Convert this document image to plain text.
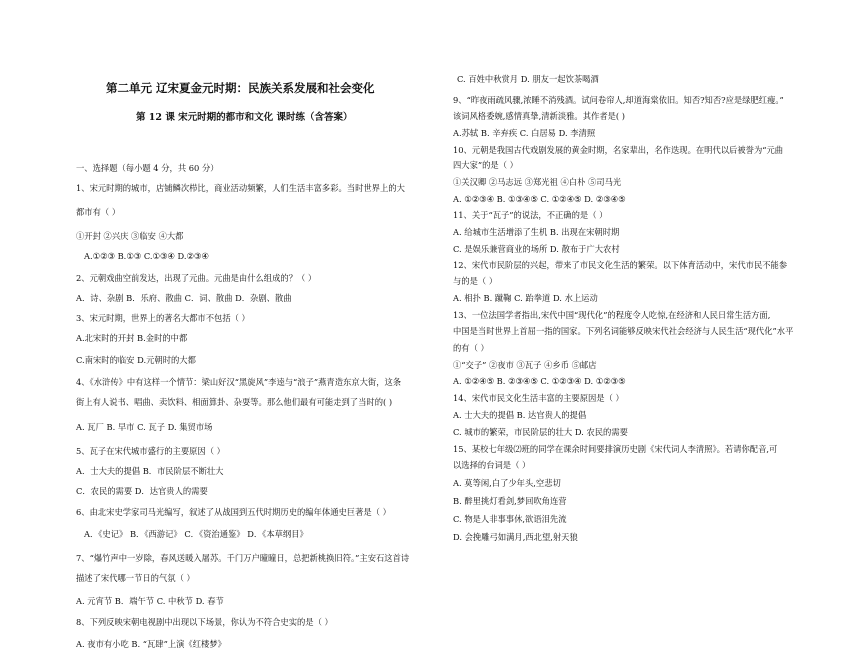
第二单元 辽宋夏金元时期：民族关系发展和社会变化
第 12 课 宋元时期的都市和文化 课时练（含答案）
一、选择题（每小题 4 分，共 60 分）
1、宋元时期的城市，店铺鳞次栉比，商业活动频繁，人们生活丰富多彩。当时世界上的大
都市有（ ）
①开封 ②兴庆 ③临安 ④大都
A.①②③ B.①③ C.①③④ D.②③④
2、元朝戏曲空前发达，出现了元曲。元曲是由什么组成的？（ ）
A．诗、杂剧 B．乐府、散曲 C．词、散曲 D．杂剧、散曲
3、宋元时期，世界上的著名大都市不包括（ ）
A.北宋时的开封 B.金时的中都
C.南宋时的临安 D.元朝时的大都
4、《水浒传》中有这样一个情节：梁山好汉“黑旋风”李逵与“浪子”燕青造东京大街，这条
街上有人说书、唱曲、卖饮料、相面算卦、杂耍等。那么他们最有可能走到了当时的( )
A. 瓦厂 B. 早市 C. 瓦子 D. 集贸市场
5、瓦子在宋代城市盛行的主要原因（ ）
A．士大夫的提倡 B．市民阶层不断壮大
C．农民的需要 D．达官贵人的需要
6、由北宋史学家司马光编写，叙述了从战国到五代时期历史的编年体通史巨著是（ ）
A．《史记》 B．《西游记》 C．《资治通鉴》 D．《本草纲目》
7、“爆竹声中一岁除，春风送暖入屠苏。千门万户曈曈日，总把新桃换旧符。”主安石这首诗
描述了宋代哪一节日的气氛（ ）
A. 元宵节 B．端午节 C. 中秋节 D. 春节
8、下列反映宋朝电视剧中出现以下场景，你认为不符合史实的是（ ）
A. 夜市有小吃 B. “瓦肆”上演《红楼梦》
C. 百姓中秋赏月 D. 朋友一起饮茶喝酒
9、“昨夜雨疏风骤,浓睡不消残酒。试问卷帘人,却道海棠依旧。知否?知否?应是绿肥红瘦。”
该词风格委婉,感情真挚,清新淡雅。其作者是( )
A.苏轼 B. 辛弃疾 C. 白居易 D. 李清照
10、元朝是我国古代戏剧发展的黄金时期，名家辈出，名作迭现。在明代以后被誉为“元曲
四大家”的是（ ）
①关汉卿 ②马志远 ③郑光祖 ④白朴 ⑤司马光
A. ①②③④ B. ①③④⑤ C. ①②④⑤ D. ②③④⑤
11、关于“瓦子”的说法，不正确的是（ ）
A. 给城市生活增添了生机 B. 出现在宋朝时期
C. 是娱乐兼营商业的场所 D. 散布于广大农村
12、宋代市民阶层的兴起，带来了市民文化生活的繁荣。以下体育活动中，宋代市民不能参
与的是（ ）
A. 相扑 B. 蹴鞠 C. 跆拳道 D. 水上运动
13、一位法国学者指出,宋代中国“现代化”的程度令人吃惊,在经济和人民日常生活方面,
中国是当时世界上首屈一指的国家。下列名词能够反映宋代社会经济与人民生活“现代化”水平
的有（ ）
①“交子” ②夜市 ③瓦子 ④乡币 ⑤邮店
A. ①②④⑤ B. ②③④⑤ C. ①②③④ D. ①②③⑤
14、宋代市民文化生活丰富的主要原因是（ ）
A. 士大夫的提倡 B. 达官贵人的提倡
C. 城市的繁荣，市民阶层的壮大 D. 农民的需要
15、某校七年级⑵班的同学在课余时间要排演历史剧《宋代词人李清照》。若请你配音,可
以选择的台词是（ ）
A. 莫等闲,白了少年头,空悲切
B. 醉里挑灯看剑,梦回吹角连营
C. 物是人非事事休,欲语泪先流
D. 会挽雕弓如满月,西北望,射天狼
